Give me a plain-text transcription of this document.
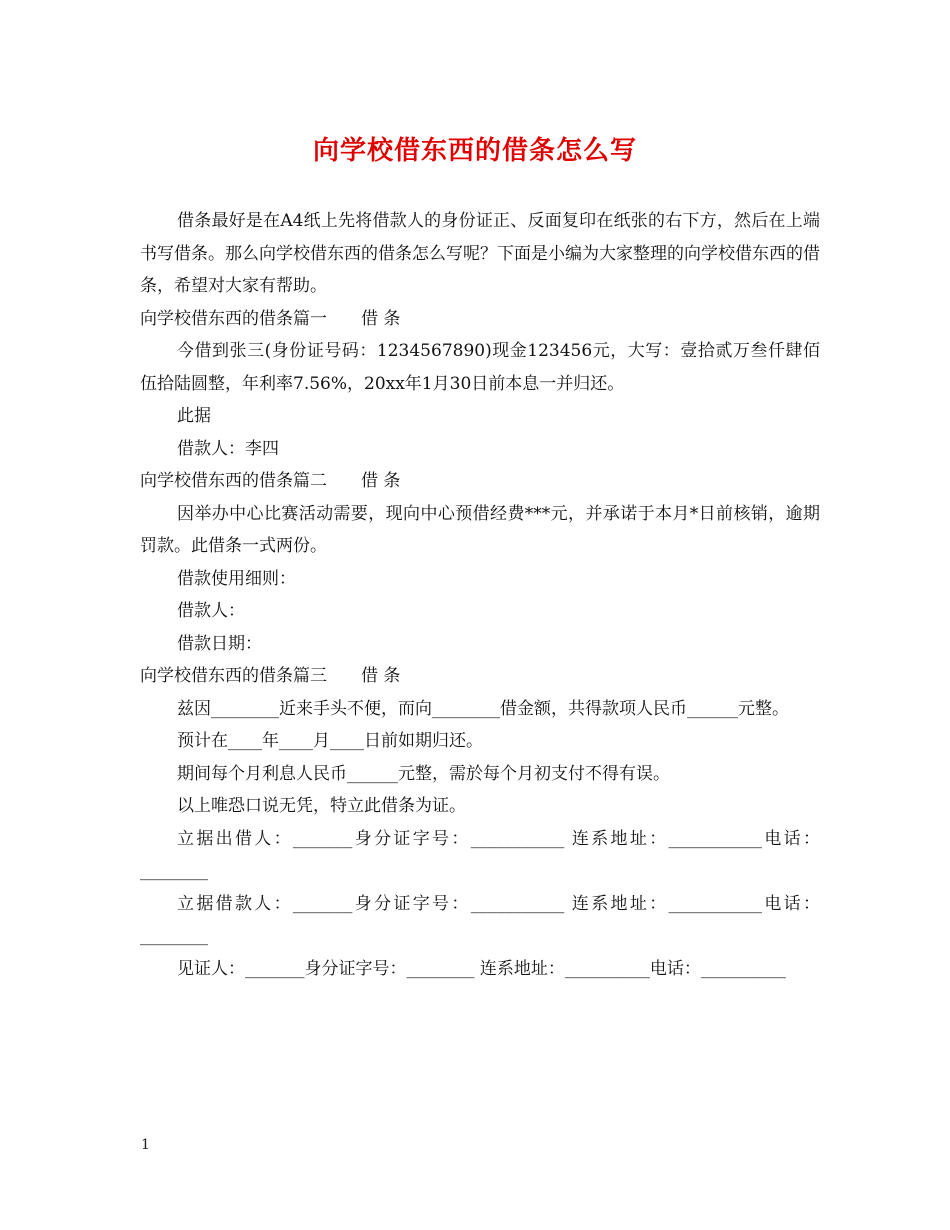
向学校借东西的借条怎么写

借条最好是在A4纸上先将借款人的身份证正、反面复印在纸张的右下方，然后在上端书写借条。那么向学校借东西的借条怎么写呢？下面是小编为大家整理的向学校借东西的借条，希望对大家有帮助。

向学校借东西的借条篇一　　借 条

今借到张三(身份证号码：1234567890)现金123456元，大写：壹拾贰万叁仟肆佰伍拾陆圆整，年利率7.56%，20xx年1月30日前本息一并归还。

此据

借款人：李四

向学校借东西的借条篇二　　借 条

因举办中心比赛活动需要，现向中心预借经费***元，并承诺于本月*日前核销，逾期罚款。此借条一式两份。

借款使用细则：

借款人：

借款日期：

向学校借东西的借条篇三　　借 条

兹因________近来手头不便，而向________借金额，共得款项人民币______元整。

预计在____年____月____日前如期归还。

期间每个月利息人民币______元整，需於每个月初支付不得有误。

以上唯恐口说无凭，特立此借条为证。

立据出借人：_______身分证字号：___________ 连系地址：___________电话：________

立据借款人：_______身分证字号：___________ 连系地址：___________电话：________

见证人：_______身分证字号：________ 连系地址：__________电话：__________

1
